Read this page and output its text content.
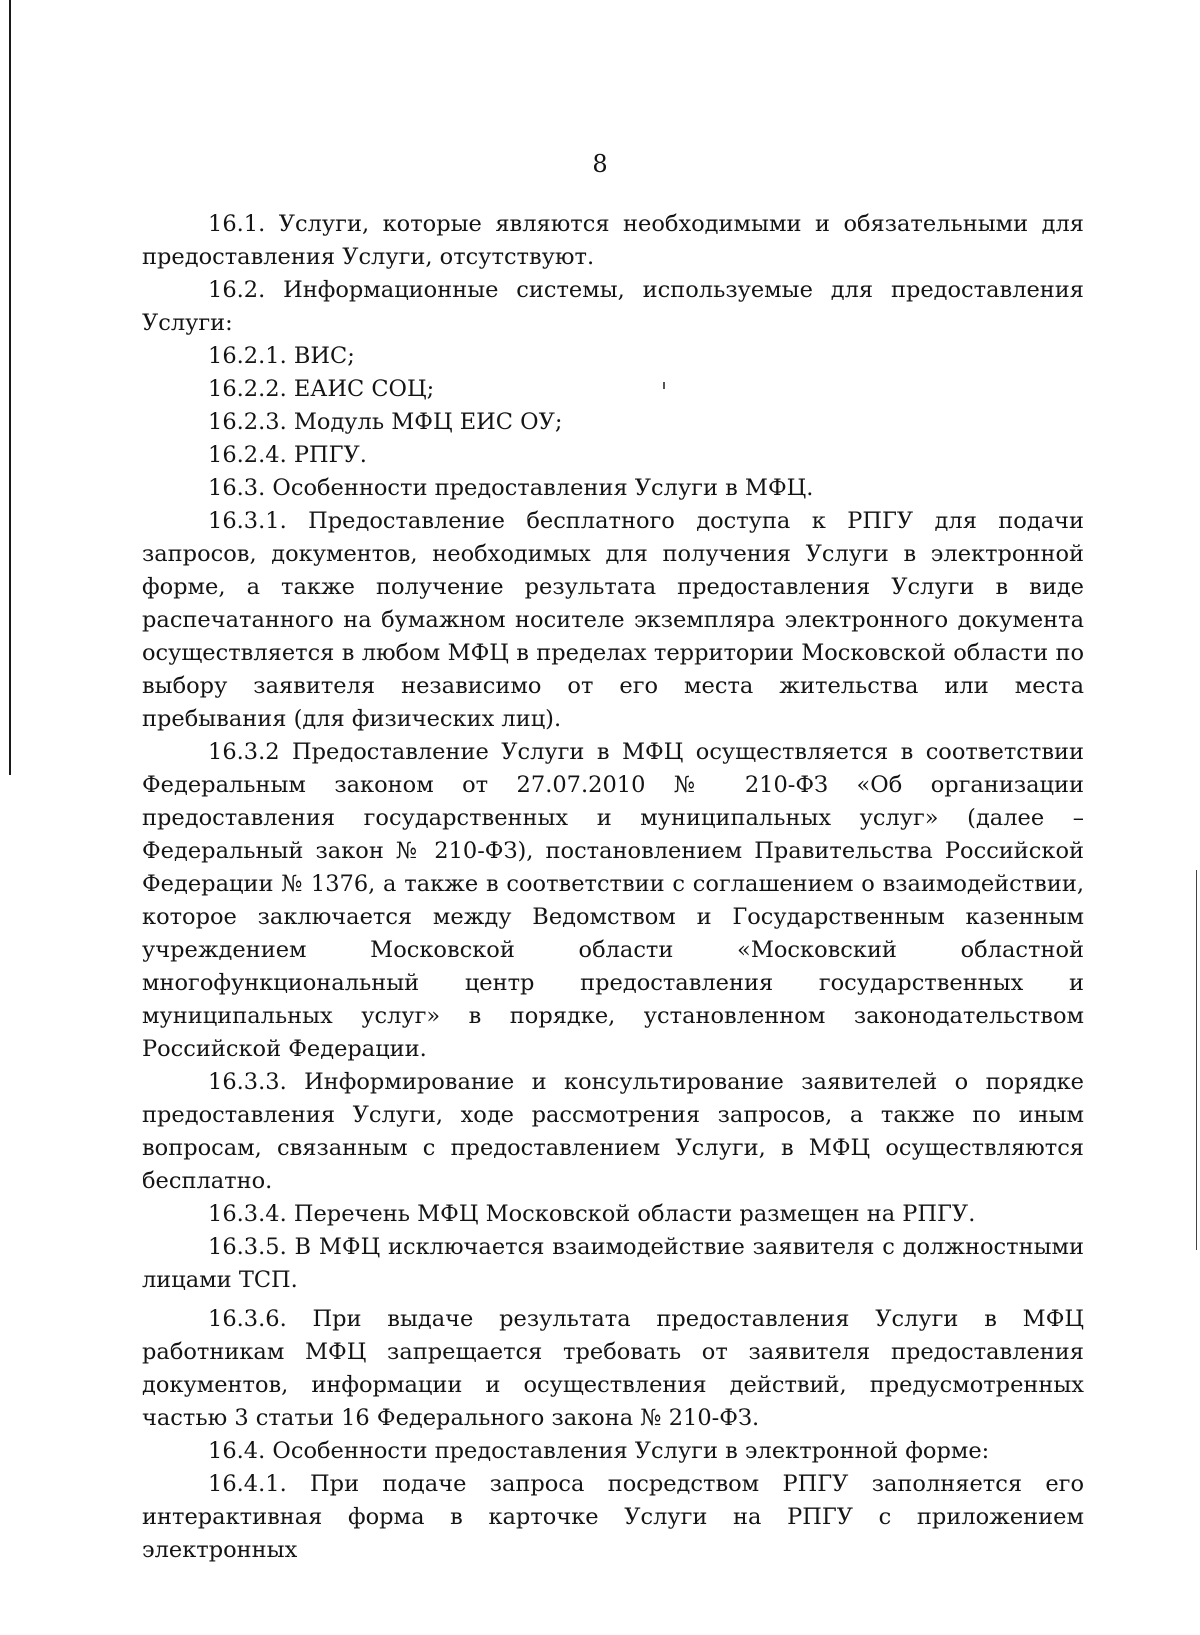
8

16.1. Услуги, которые являются необходимыми и обязательными для предоставления Услуги, отсутствуют.

16.2. Информационные системы, используемые для предоставления Услуги:

16.2.1. ВИС;

16.2.2. ЕАИС СОЦ;

16.2.3. Модуль МФЦ ЕИС ОУ;

16.2.4. РПГУ.

16.3. Особенности предоставления Услуги в МФЦ.

16.3.1. Предоставление бесплатного доступа к РПГУ для подачи запросов, документов, необходимых для получения Услуги в электронной форме, а также получение результата предоставления Услуги в виде распечатанного на бумажном носителе экземпляра электронного документа осуществляется в любом МФЦ в пределах территории Московской области по выбору заявителя независимо от его места жительства или места пребывания (для физических лиц).

16.3.2 Предоставление Услуги в МФЦ осуществляется в соответствии Федеральным законом от 27.07.2010 № 210-ФЗ «Об организации предоставления государственных и муниципальных услуг» (далее – Федеральный закон № 210-ФЗ), постановлением Правительства Российской Федерации № 1376, а также в соответствии с соглашением о взаимодействии, которое заключается между Ведомством и Государственным казенным учреждением Московской области «Московский областной многофункциональный центр предоставления государственных и муниципальных услуг» в порядке, установленном законодательством Российской Федерации.

16.3.3. Информирование и консультирование заявителей о порядке предоставления Услуги, ходе рассмотрения запросов, а также по иным вопросам, связанным с предоставлением Услуги, в МФЦ осуществляются бесплатно.

16.3.4. Перечень МФЦ Московской области размещен на РПГУ.

16.3.5. В МФЦ исключается взаимодействие заявителя с должностными лицами ТСП.

16.3.6. При выдаче результата предоставления Услуги в МФЦ работникам МФЦ запрещается требовать от заявителя предоставления документов, информации и осуществления действий, предусмотренных частью 3 статьи 16 Федерального закона № 210-ФЗ.

16.4. Особенности предоставления Услуги в электронной форме:

16.4.1. При подаче запроса посредством РПГУ заполняется его интерактивная форма в карточке Услуги на РПГУ с приложением электронных
